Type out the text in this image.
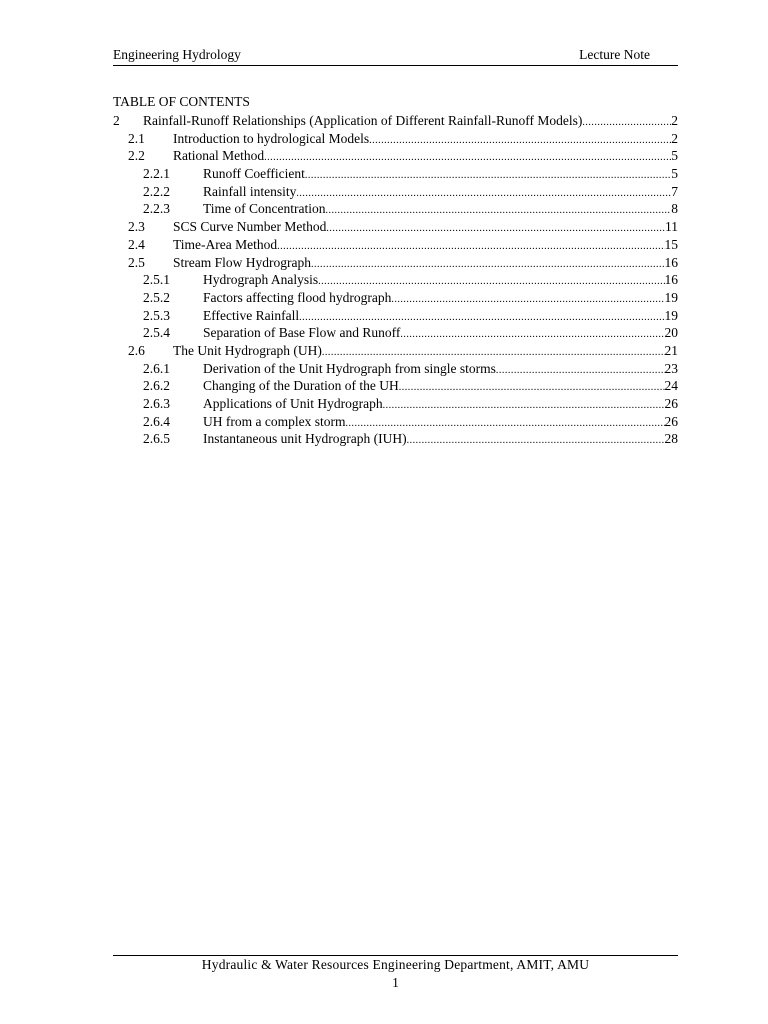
Engineering Hydrology	Lecture Note
TABLE OF CONTENTS
2	Rainfall-Runoff Relationships (Application of Different Rainfall-Runoff Models) .....	2
2.1	Introduction to hydrological Models .....	2
2.2	Rational Method .....	5
2.2.1	Runoff Coefficient .....	5
2.2.2	Rainfall intensity .....	7
2.2.3	Time of Concentration .....	8
2.3	SCS Curve Number Method .....	11
2.4	Time-Area Method .....	15
2.5	Stream Flow Hydrograph .....	16
2.5.1	Hydrograph Analysis .....	16
2.5.2	Factors affecting flood hydrograph .....	19
2.5.3	Effective Rainfall .....	19
2.5.4	Separation of Base Flow and Runoff .....	20
2.6	The Unit Hydrograph (UH) .....	21
2.6.1	Derivation of the Unit Hydrograph from single storms .....	23
2.6.2	Changing of the Duration of the UH .....	24
2.6.3	Applications of Unit Hydrograph .....	26
2.6.4	UH from a complex storm .....	26
2.6.5	Instantaneous unit Hydrograph (IUH) .....	28
Hydraulic & Water Resources Engineering Department, AMIT, AMU
1
